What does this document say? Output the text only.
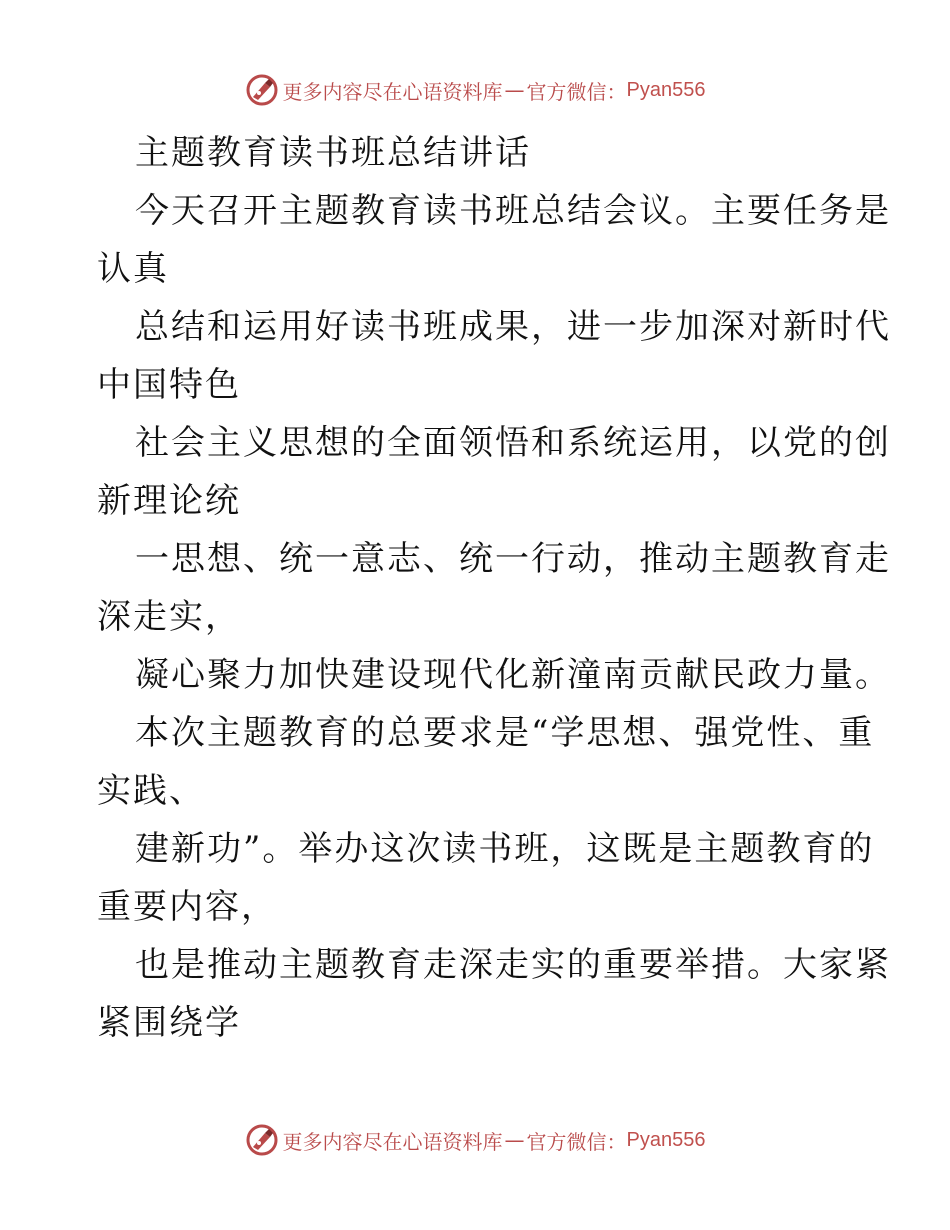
更多内容尽在心语资料库 — 官方微信： Pyan556
主题教育读书班总结讲话
今天召开主题教育读书班总结会议。主要任务是
认真
总结和运用好读书班成果，进一步加深对新时代
中国特色
社会主义思想的全面领悟和系统运用，以党的创
新理论统
一思想、统一意志、统一行动，推动主题教育走
深走实，
凝心聚力加快建设现代化新潼南贡献民政力量。
本次主题教育的总要求是“学思想、强党性、重
实践、
建新功”。举办这次读书班，这既是主题教育的
重要内容，
也是推动主题教育走深走实的重要举措。大家紧
紧围绕学
更多内容尽在心语资料库 — 官方微信： Pyan556
